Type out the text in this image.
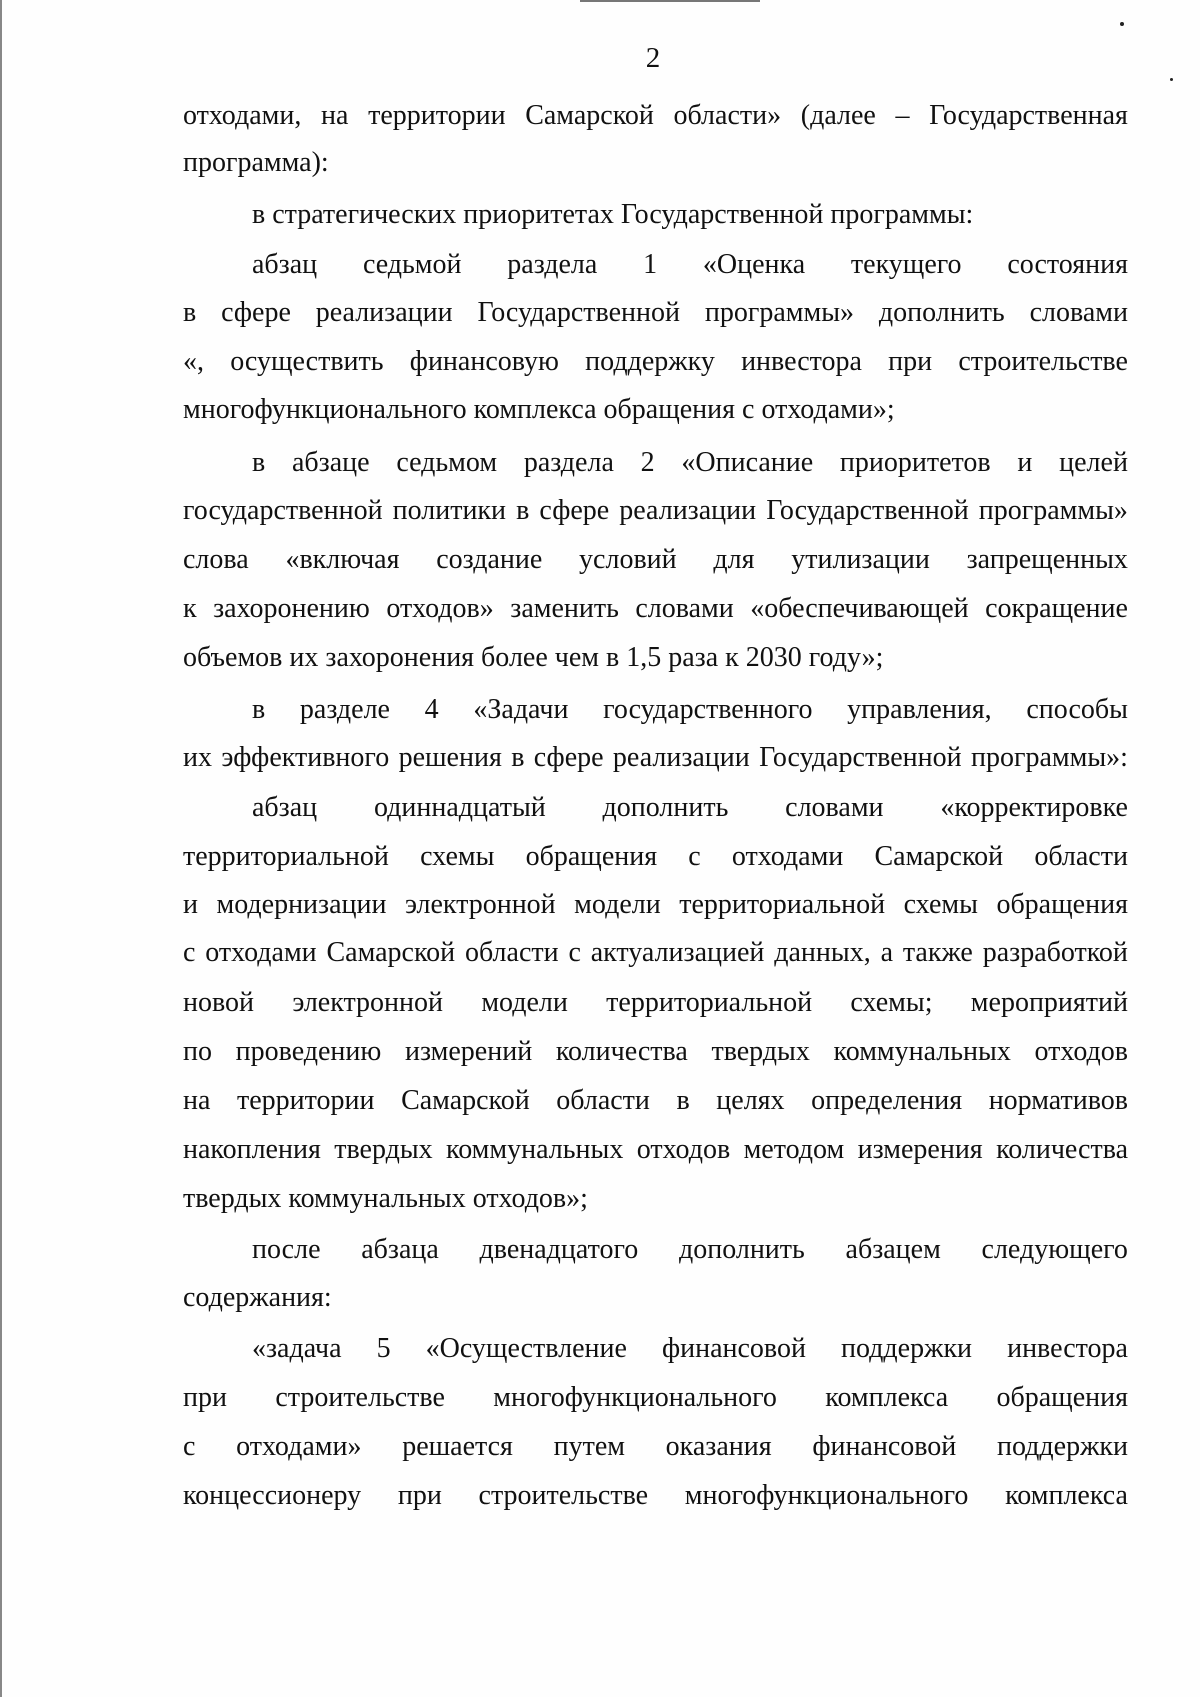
2
отходами, на территории Самарской области» (далее – Государственная
программа):
в стратегических приоритетах Государственной программы:
абзац седьмой раздела 1 «Оценка текущего состояния
в сфере реализации Государственной программы» дополнить словами
«, осуществить финансовую поддержку инвестора при строительстве
многофункционального комплекса обращения с отходами»;
в абзаце седьмом раздела 2 «Описание приоритетов и целей
государственной политики в сфере реализации Государственной программы»
слова «включая создание условий для утилизации запрещенных
к захоронению отходов» заменить словами «обеспечивающей сокращение
объемов их захоронения более чем в 1,5 раза к 2030 году»;
в разделе 4 «Задачи государственного управления, способы
их эффективного решения в сфере реализации Государственной программы»:
абзац одиннадцатый дополнить словами «корректировке
территориальной схемы обращения с отходами Самарской области
и модернизации электронной модели территориальной схемы обращения
с отходами Самарской области с актуализацией данных, а также разработкой
новой электронной модели территориальной схемы; мероприятий
по проведению измерений количества твердых коммунальных отходов
на территории Самарской области в целях определения нормативов
накопления твердых коммунальных отходов методом измерения количества
твердых коммунальных отходов»;
после абзаца двенадцатого дополнить абзацем следующего
содержания:
«задача 5 «Осуществление финансовой поддержки инвестора
при строительстве многофункционального комплекса обращения
с отходами» решается путем оказания финансовой поддержки
концессионеру при строительстве многофункционального комплекса
